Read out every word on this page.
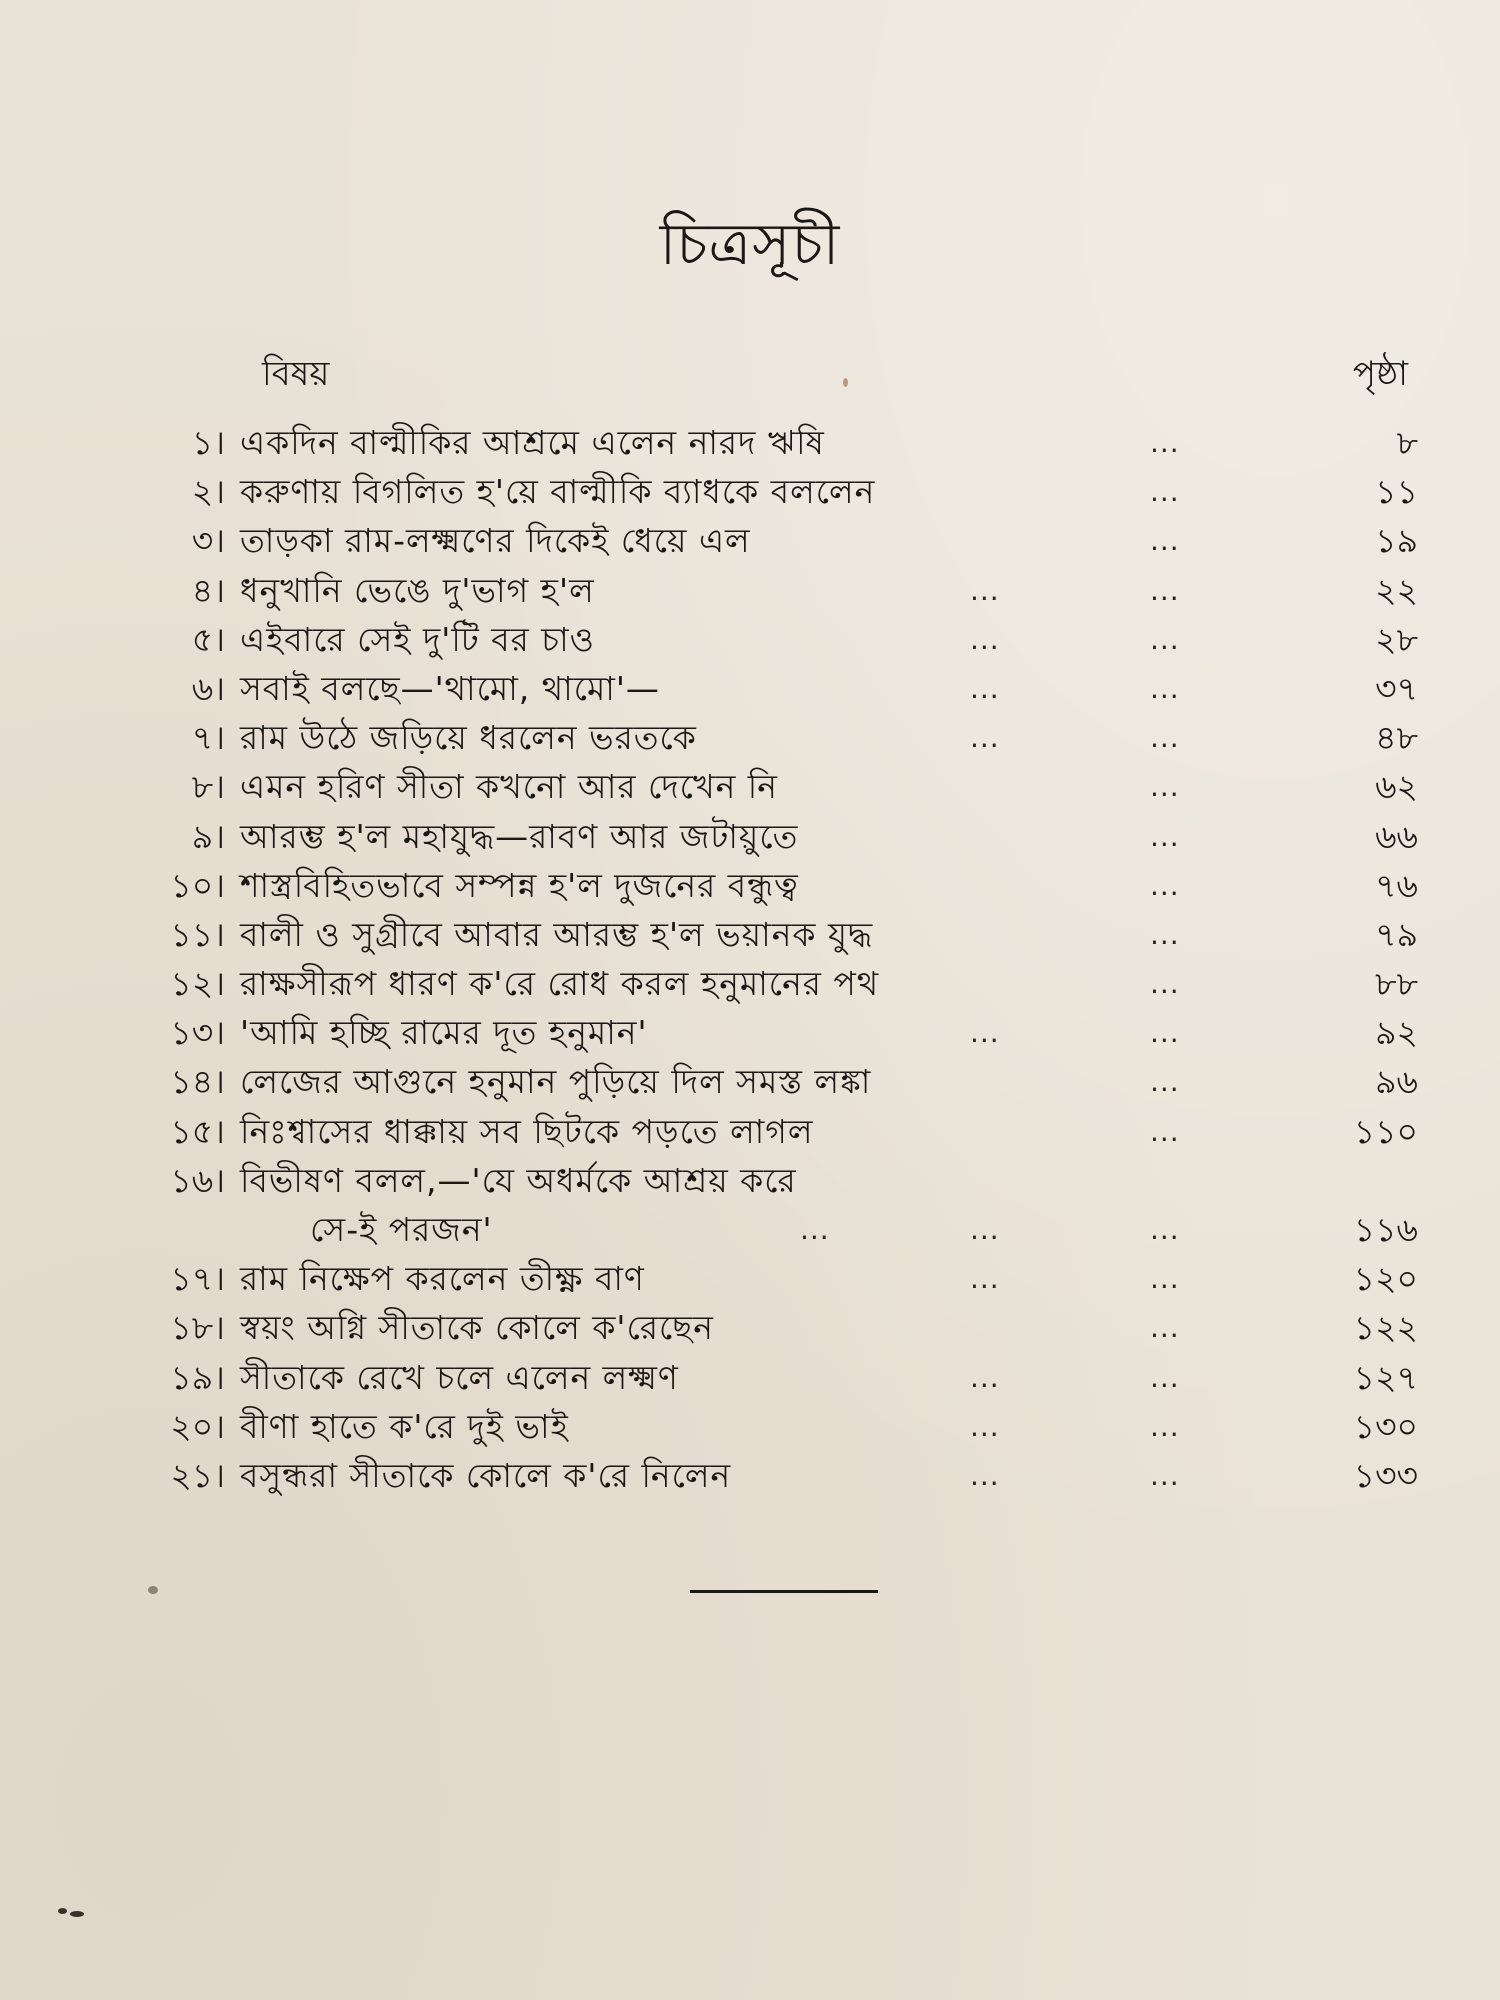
চিত্রসূচী
বিষয়	পৃষ্ঠা
১। একদিন বাল্মীকির আশ্রমে এলেন নারদ ঋষি	...	৮
২। করুণায় বিগলিত হ'য়ে বাল্মীকি ব্যাধকে বললেন	...	১১
৩। তাড়কা রাম-লক্ষ্মণের দিকেই ধেয়ে এল	...	১৯
৪। ধনুখানি ভেঙে দু'ভাগ হ'ল	...	...	২২
৫। এইবারে সেই দু'টি বর চাও	...	...	২৮
৬। সবাই বলছে—'থামো, থামো'—	...	...	৩৭
৭। রাম উঠে জড়িয়ে ধরলেন ভরতকে	...	...	৪৮
৮। এমন হরিণ সীতা কখনো আর দেখেন নি	...	৬২
৯। আরম্ভ হ'ল মহাযুদ্ধ—রাবণ আর জটায়ুতে	...	৬৬
১০। শাস্ত্রবিহিতভাবে সম্পন্ন হ'ল দুজনের বন্ধুত্ব	...	৭৬
১১। বালী ও সুগ্রীবে আবার আরম্ভ হ'ল ভয়ানক যুদ্ধ	...	৭৯
১২। রাক্ষসীরূপ ধারণ ক'রে রোধ করল হনুমানের পথ	...	৮৮
১৩। 'আমি হচ্ছি রামের দূত হনুমান'	...	...	৯২
১৪। লেজের আগুনে হনুমান পুড়িয়ে দিল সমস্ত লঙ্কা	...	৯৬
১৫। নিঃশ্বাসের ধাক্কায় সব ছিটকে পড়তে লাগল	...	১১০
১৬। বিভীষণ বলল,—'যে অধর্মকে আশ্রয় করে
সে-ই পরজন'	...	...	...	১১৬
১৭। রাম নিক্ষেপ করলেন তীক্ষ্ণ বাণ	...	...	১২০
১৮। স্বয়ং অগ্নি সীতাকে কোলে ক'রেছেন	...	১২২
১৯। সীতাকে রেখে চলে এলেন লক্ষ্মণ	...	...	১২৭
২০। বীণা হাতে ক'রে দুই ভাই	...	...	১৩০
২১। বসুন্ধরা সীতাকে কোলে ক'রে নিলেন	...	...	১৩৩
